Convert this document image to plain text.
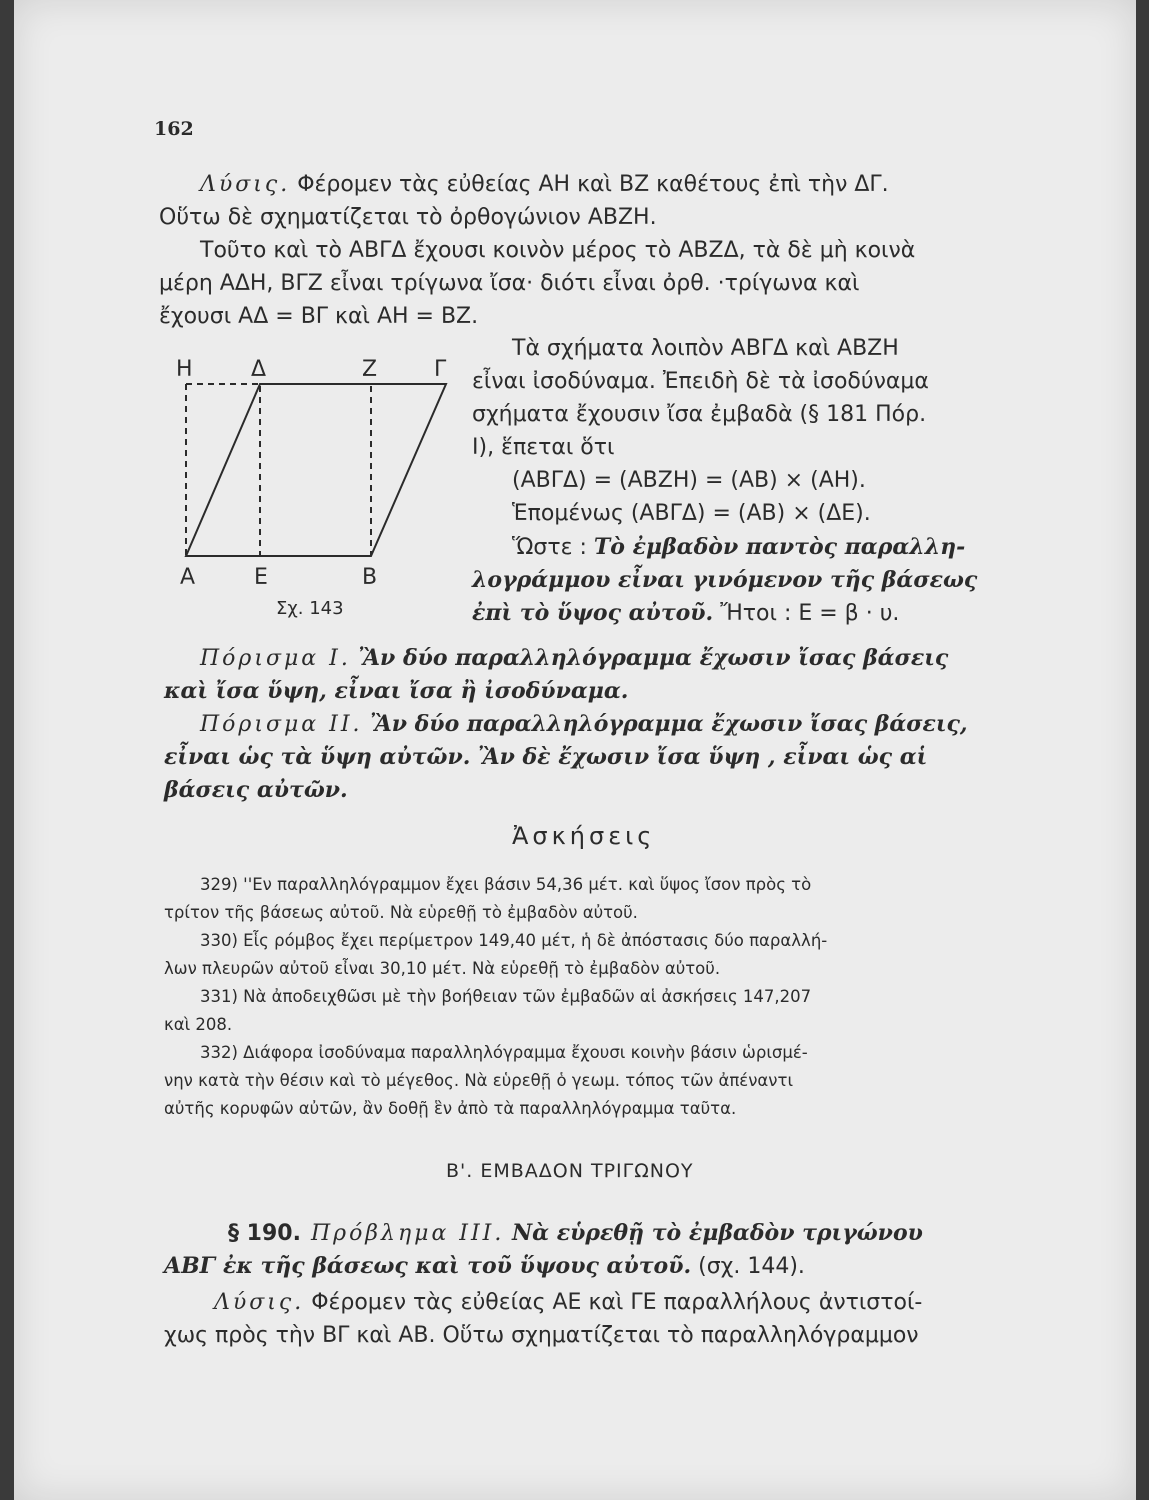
162
Λύσις. Φέρομεν τὰς εὐθείας ΑΗ καὶ ΒΖ καθέτους ἐπὶ τὴν ΔΓ.
Οὕτω δὲ σχηματίζεται τὸ ὀρθογώνιον ΑΒΖΗ.
Τοῦτο καὶ τὸ ΑΒΓΔ ἔχουσι κοινὸν μέρος τὸ ΑΒΖΔ, τὰ δὲ μὴ κοινὰ
μέρη ΑΔΗ, ΒΓΖ εἶναι τρίγωνα ἴσα· διότι εἶναι ὀρθ. ·τρίγωνα καὶ
ἔχουσι ΑΔ = ΒΓ καὶ ΑΗ = ΒΖ.
Η	Δ	Ζ	Γ
Α	Ε	Β
Σχ. 143
Τὰ σχήματα λοιπὸν ΑΒΓΔ καὶ ΑΒΖΗ
εἶναι ἰσοδύναμα. Ἐπειδὴ δὲ τὰ ἰσοδύναμα
σχήματα ἔχουσιν ἴσα ἐμβαδὰ (§ 181 Πόρ.
Ι), ἕπεται ὅτι
(ΑΒΓΔ) = (ΑΒΖΗ) = (ΑΒ) × (ΑΗ).
Ἑπομένως (ΑΒΓΔ) = (ΑΒ) × (ΔΕ).
Ὥστε : Τὸ ἐμβαδὸν παντὸς παραλλη-
λογράμμου εἶναι γινόμενον τῆς βάσεως
ἐπὶ τὸ ὕψος αὐτοῦ. Ἤτοι : Ε = β · υ.
Πόρισμα Ι. Ἂν δύο παραλληλόγραμμα ἔχωσιν ἴσας βάσεις
καὶ ἴσα ὕψη, εἶναι ἴσα ἢ ἰσοδύναμα.
Πόρισμα ΙΙ. Ἂν δύο παραλληλόγραμμα ἔχωσιν ἴσας βάσεις,
εἶναι ὡς τὰ ὕψη αὐτῶν. Ἂν δὲ ἔχωσιν ἴσα ὕψη , εἶναι ὡς αἱ
βάσεις αὐτῶν.
Ἀσκήσεις
329) ''Εν παραλληλόγραμμον ἔχει βάσιν 54,36 μέτ. καὶ ὕψος ἴσον πρὸς τὸ
τρίτον τῆς βάσεως αὐτοῦ. Νὰ εὑρεθῇ τὸ ἐμβαδὸν αὐτοῦ.
330) Εἷς ρόμβος ἔχει περίμετρον 149,40 μέτ, ἡ δὲ ἀπόστασις δύο παραλλή-
λων πλευρῶν αὐτοῦ εἶναι 30,10 μέτ. Νὰ εὑρεθῇ τὸ ἐμβαδὸν αὐτοῦ.
331) Νὰ ἀποδειχθῶσι μὲ τὴν βοήθειαν τῶν ἐμβαδῶν αἱ ἀσκήσεις 147,207
καὶ 208.
332) Διάφορα ἰσοδύναμα παραλληλόγραμμα ἔχουσι κοινὴν βάσιν ὡρισμέ-
νην κατὰ τὴν θέσιν καὶ τὸ μέγεθος. Νὰ εὑρεθῇ ὁ γεωμ. τόπος τῶν ἀπέναντι
αὐτῆς κορυφῶν αὐτῶν, ἂν δοθῇ ἓν ἀπὸ τὰ παραλληλόγραμμα ταῦτα.
Β'. ΕΜΒΑΔΟΝ ΤΡΙΓΩΝΟΥ
§ 190. Πρόβλημα ΙΙΙ. Νὰ εὑρεθῇ τὸ ἐμβαδὸν τριγώνου
ΑΒΓ ἐκ τῆς βάσεως καὶ τοῦ ὕψους αὐτοῦ. (σχ. 144).
Λύσις. Φέρομεν τὰς εὐθείας ΑΕ καὶ ΓΕ παραλλήλους ἀντιστοί-
χως πρὸς τὴν ΒΓ καὶ ΑΒ. Οὕτω σχηματίζεται τὸ παραλληλόγραμμον
